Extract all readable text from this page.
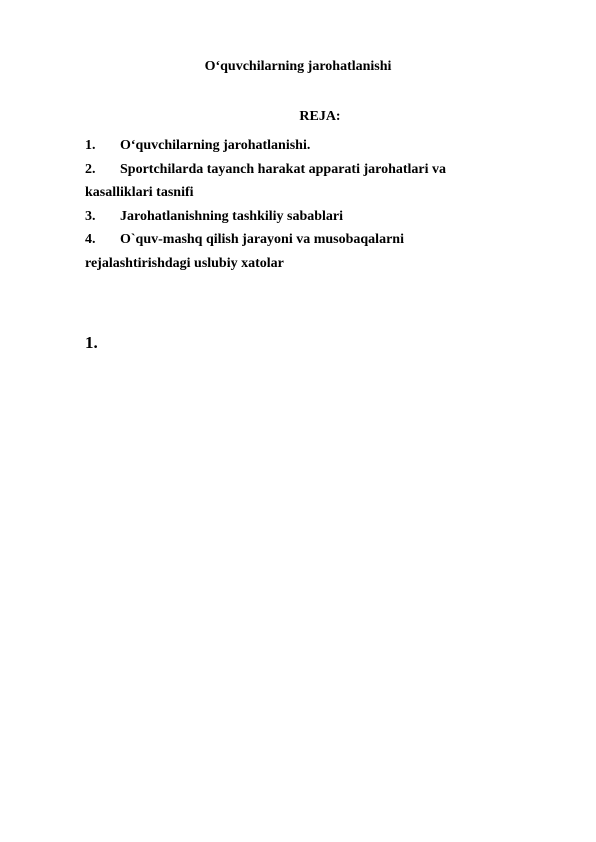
O‘quvchilarning jarohatlanishi
REJA:
1. O‘quvchilarning jarohatlanishi.
2. Sportchilarda tayanch harakat apparati jarohatlari va
kasalliklari tasnifi
3. Jarohatlanishning tashkiliy sabablari
4. O`quv-mashq qilish jarayoni va musobaqalarni
rejalashtirishdagi uslubiy xatolar
1.
